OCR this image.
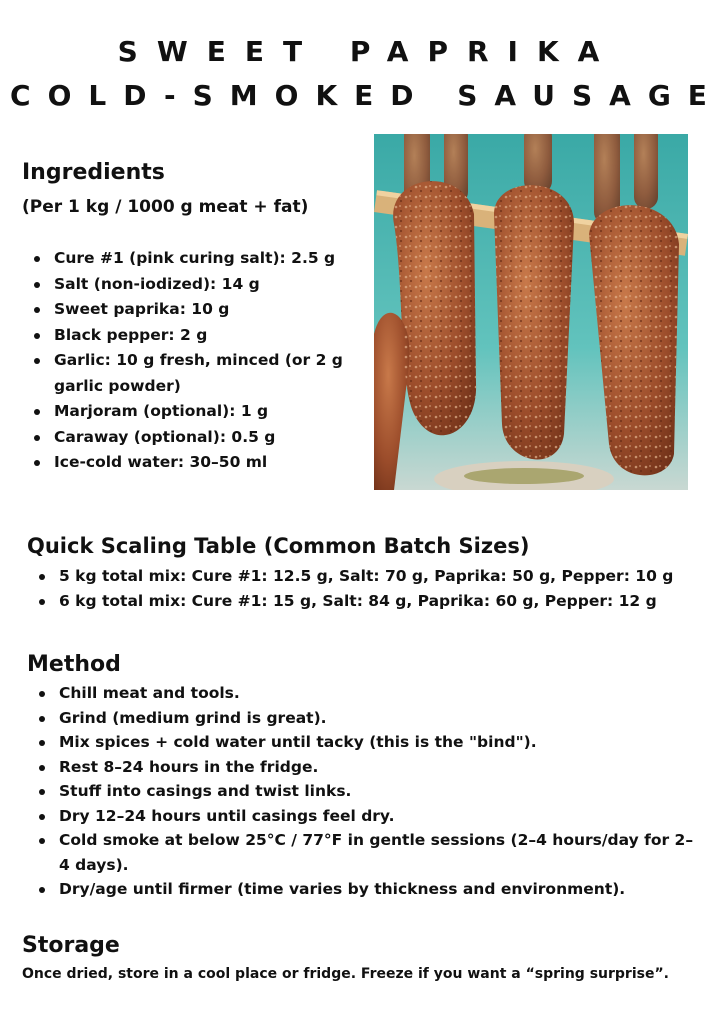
SWEET PAPRIKA
COLD-SMOKED SAUSAGE
Ingredients
(Per 1 kg / 1000 g meat + fat)
Cure #1 (pink curing salt): 2.5 g
Salt (non-iodized): 14 g
Sweet paprika: 10 g
Black pepper: 2 g
Garlic: 10 g fresh, minced (or 2 g garlic powder)
Marjoram (optional): 1 g
Caraway (optional): 0.5 g
Ice-cold water: 30–50 ml
Quick Scaling Table (Common Batch Sizes)
5 kg total mix: Cure #1: 12.5 g, Salt: 70 g, Paprika: 50 g, Pepper: 10 g
6 kg total mix: Cure #1: 15 g, Salt: 84 g, Paprika: 60 g, Pepper: 12 g
Method
Chill meat and tools.
Grind (medium grind is great).
Mix spices + cold water until tacky (this is the "bind").
Rest 8–24 hours in the fridge.
Stuff into casings and twist links.
Dry 12–24 hours until casings feel dry.
Cold smoke at below 25°C / 77°F in gentle sessions (2–4 hours/day for 2–4 days).
Dry/age until firmer (time varies by thickness and environment).
Storage

Once dried, store in a cool place or fridge. Freeze if you want a “spring surprise”.
